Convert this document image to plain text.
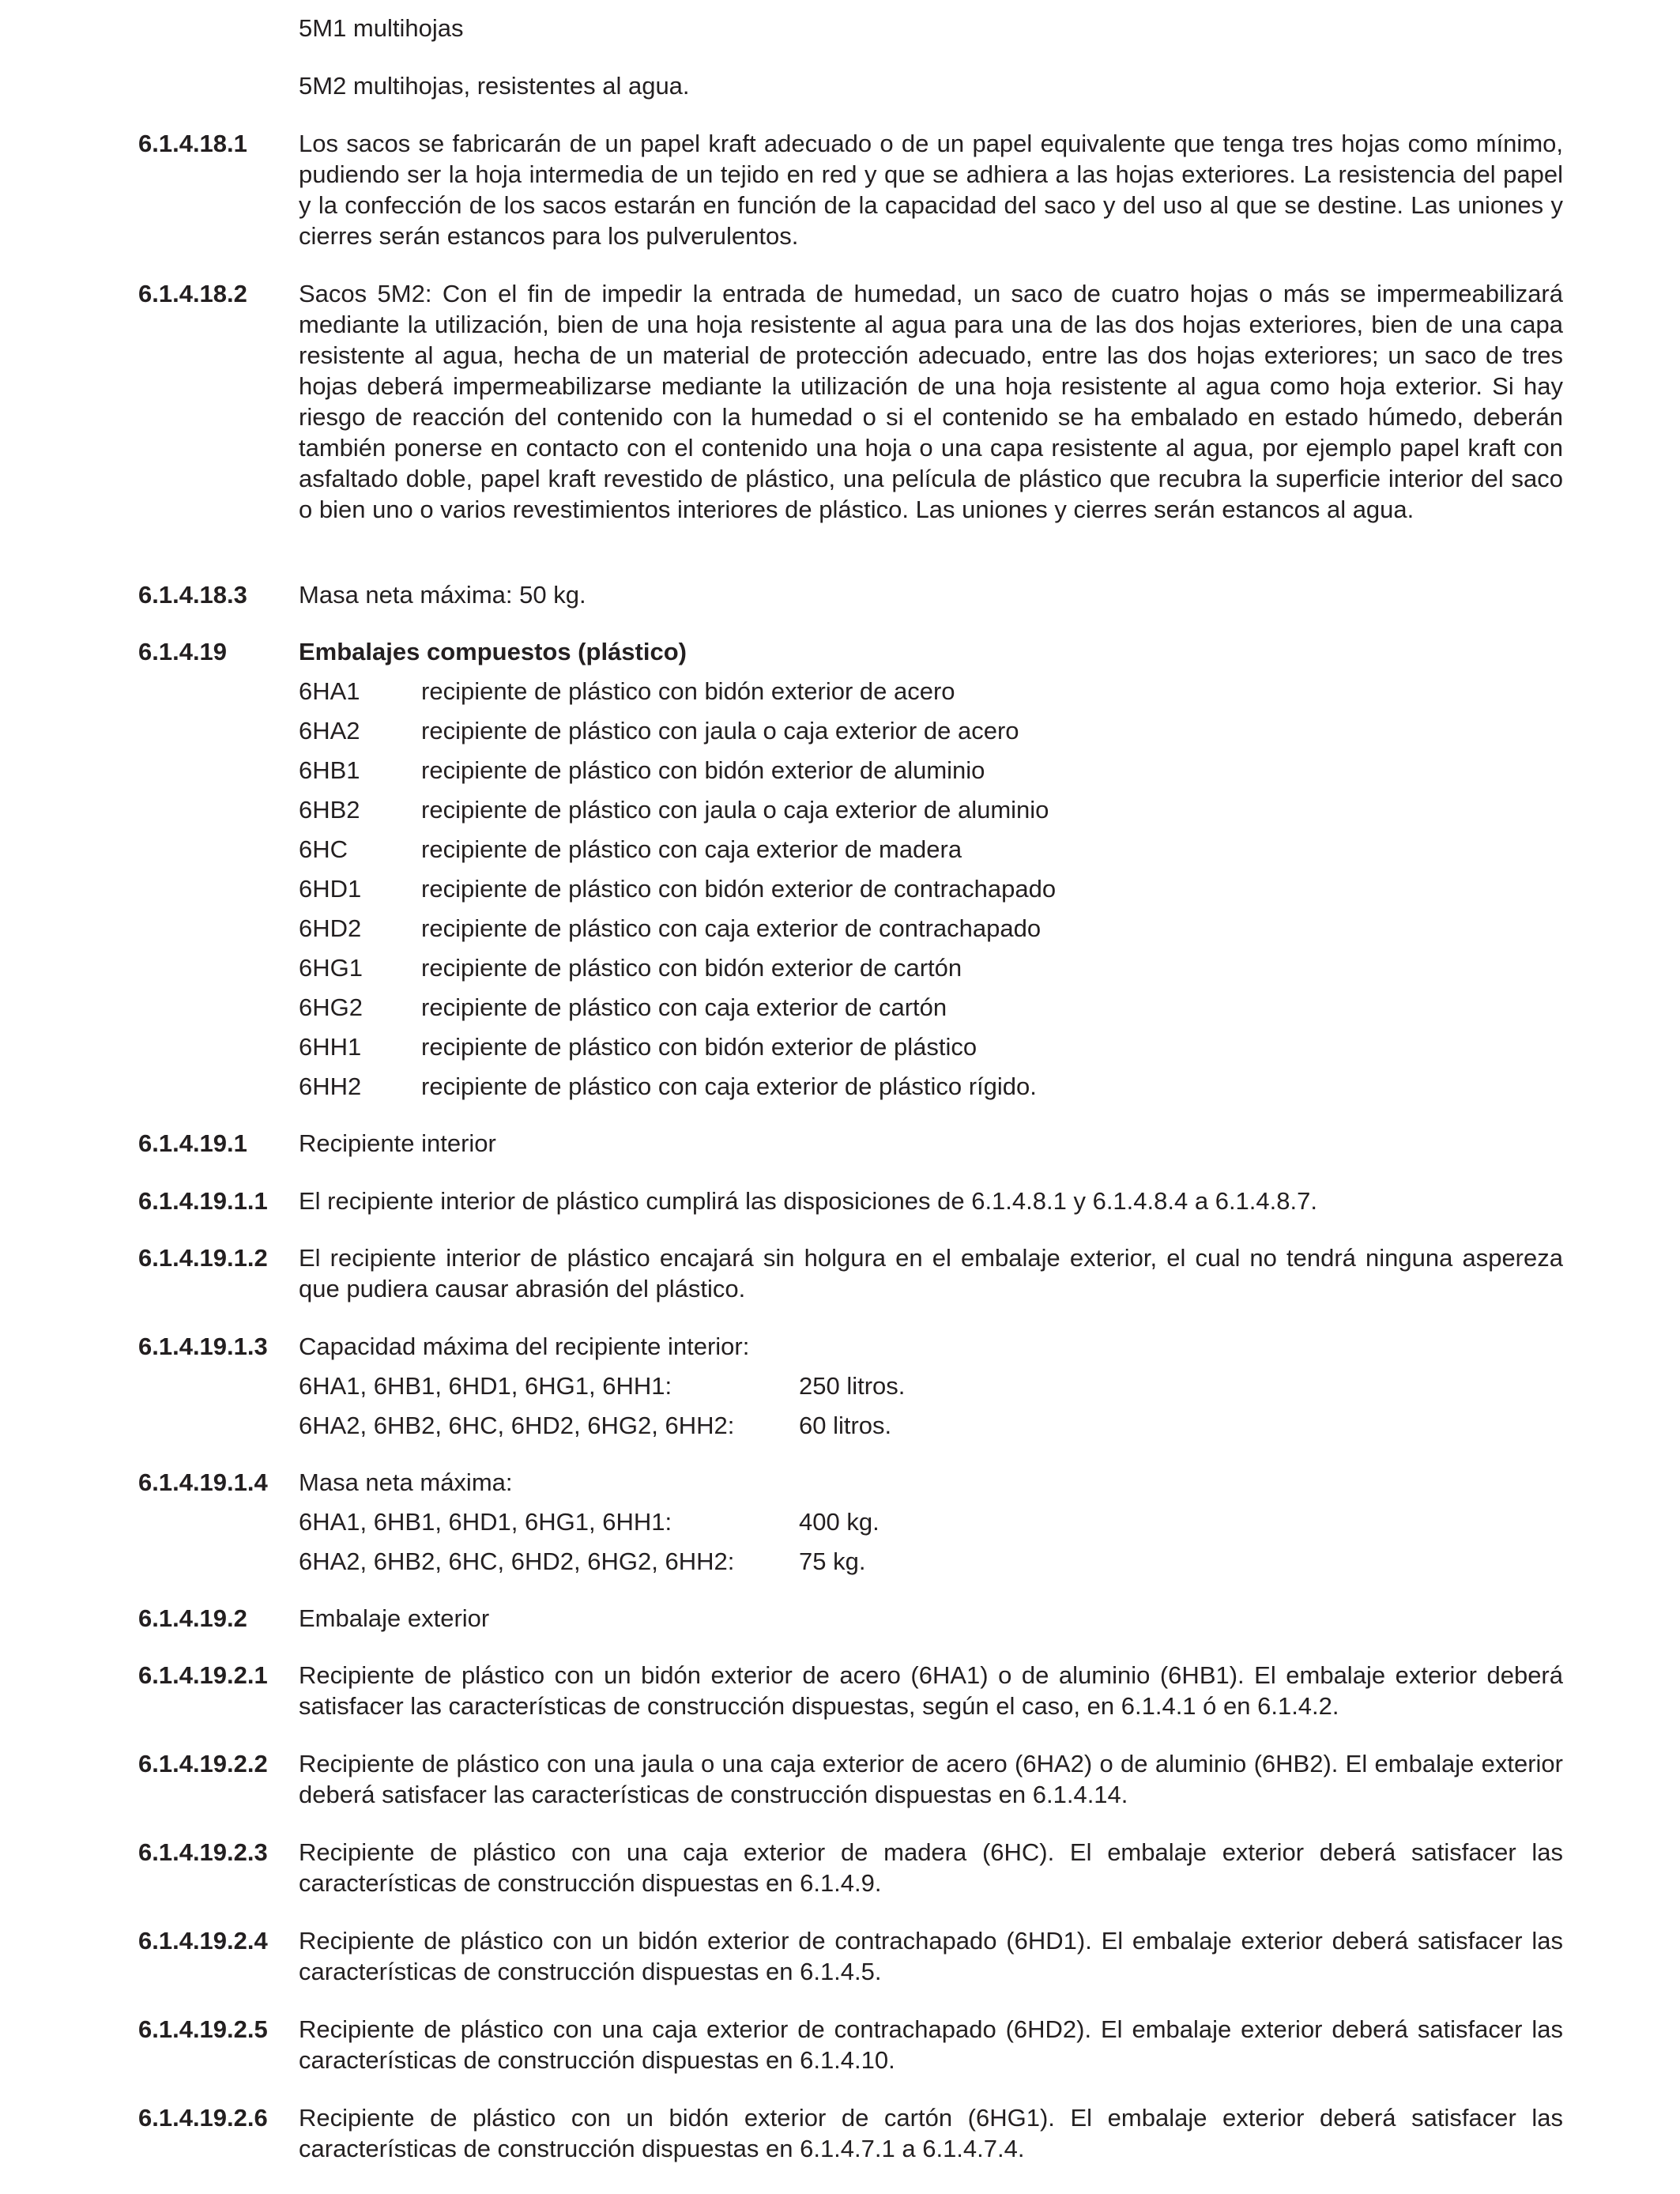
5M1 multihojas
5M2 multihojas, resistentes al agua.
6.1.4.18.1 Los sacos se fabricarán de un papel kraft adecuado o de un papel equivalente que tenga tres hojas como mínimo, pudiendo ser la hoja intermedia de un tejido en red y que se adhiera a las hojas exteriores. La resistencia del papel y la confección de los sacos estarán en función de la capacidad del saco y del uso al que se destine. Las uniones y cierres serán estancos para los pulverulentos.
6.1.4.18.2 Sacos 5M2: Con el fin de impedir la entrada de humedad, un saco de cuatro hojas o más se impermeabilizará mediante la utilización, bien de una hoja resistente al agua para una de las dos hojas exteriores, bien de una capa resistente al agua, hecha de un material de protección adecuado, entre las dos hojas exteriores; un saco de tres hojas deberá impermeabilizarse mediante la utilización de una hoja resistente al agua como hoja exterior. Si hay riesgo de reacción del contenido con la humedad o si el contenido se ha embalado en estado húmedo, deberán también ponerse en contacto con el contenido una hoja o una capa resistente al agua, por ejemplo papel kraft con asfaltado doble, papel kraft revestido de plástico, una película de plástico que recubra la superficie interior del saco o bien uno o varios revestimientos interiores de plástico. Las uniones y cierres serán estancos al agua.
6.1.4.18.3 Masa neta máxima: 50 kg.
6.1.4.19	Embalajes compuestos (plástico)
6HA1 recipiente de plástico con bidón exterior de acero
6HA2 recipiente de plástico con jaula o caja exterior de acero
6HB1 recipiente de plástico con bidón exterior de aluminio
6HB2 recipiente de plástico con jaula o caja exterior de aluminio
6HC	recipiente de plástico con caja exterior de madera
6HD1 recipiente de plástico con bidón exterior de contrachapado
6HD2 recipiente de plástico con caja exterior de contrachapado
6HG1 recipiente de plástico con bidón exterior de cartón
6HG2 recipiente de plástico con caja exterior de cartón
6HH1 recipiente de plástico con bidón exterior de plástico
6HH2 recipiente de plástico con caja exterior de plástico rígido.
6.1.4.19.1 Recipiente interior
6.1.4.19.1.1 El recipiente interior de plástico cumplirá las disposiciones de 6.1.4.8.1 y 6.1.4.8.4 a 6.1.4.8.7.
6.1.4.19.1.2 El recipiente interior de plástico encajará sin holgura en el embalaje exterior, el cual no tendrá ninguna aspereza que pudiera causar abrasión del plástico.
6.1.4.19.1.3 Capacidad máxima del recipiente interior:
6HA1, 6HB1, 6HD1, 6HG1, 6HH1:	250 litros.
6HA2, 6HB2, 6HC, 6HD2, 6HG2, 6HH2:	60 litros.
6.1.4.19.1.4 Masa neta máxima:
6HA1, 6HB1, 6HD1, 6HG1, 6HH1:	400 kg.
6HA2, 6HB2, 6HC, 6HD2, 6HG2, 6HH2:	75 kg.
6.1.4.19.2 Embalaje exterior
6.1.4.19.2.1 Recipiente de plástico con un bidón exterior de acero (6HA1) o de aluminio (6HB1). El embalaje exterior deberá satisfacer las características de construcción dispuestas, según el caso, en 6.1.4.1 ó en 6.1.4.2.
6.1.4.19.2.2 Recipiente de plástico con una jaula o una caja exterior de acero (6HA2) o de aluminio (6HB2). El embalaje exterior deberá satisfacer las características de construcción dispuestas en 6.1.4.14.
6.1.4.19.2.3 Recipiente de plástico con una caja exterior de madera (6HC). El embalaje exterior deberá satisfacer las características de construcción dispuestas en 6.1.4.9.
6.1.4.19.2.4 Recipiente de plástico con un bidón exterior de contrachapado (6HD1). El embalaje exterior deberá satisfacer las características de construcción dispuestas en 6.1.4.5.
6.1.4.19.2.5 Recipiente de plástico con una caja exterior de contrachapado (6HD2). El embalaje exterior deberá satisfacer las características de construcción dispuestas en 6.1.4.10.
6.1.4.19.2.6 Recipiente de plástico con un bidón exterior de cartón (6HG1). El embalaje exterior deberá satisfacer las características de construcción dispuestas en 6.1.4.7.1 a 6.1.4.7.4.
